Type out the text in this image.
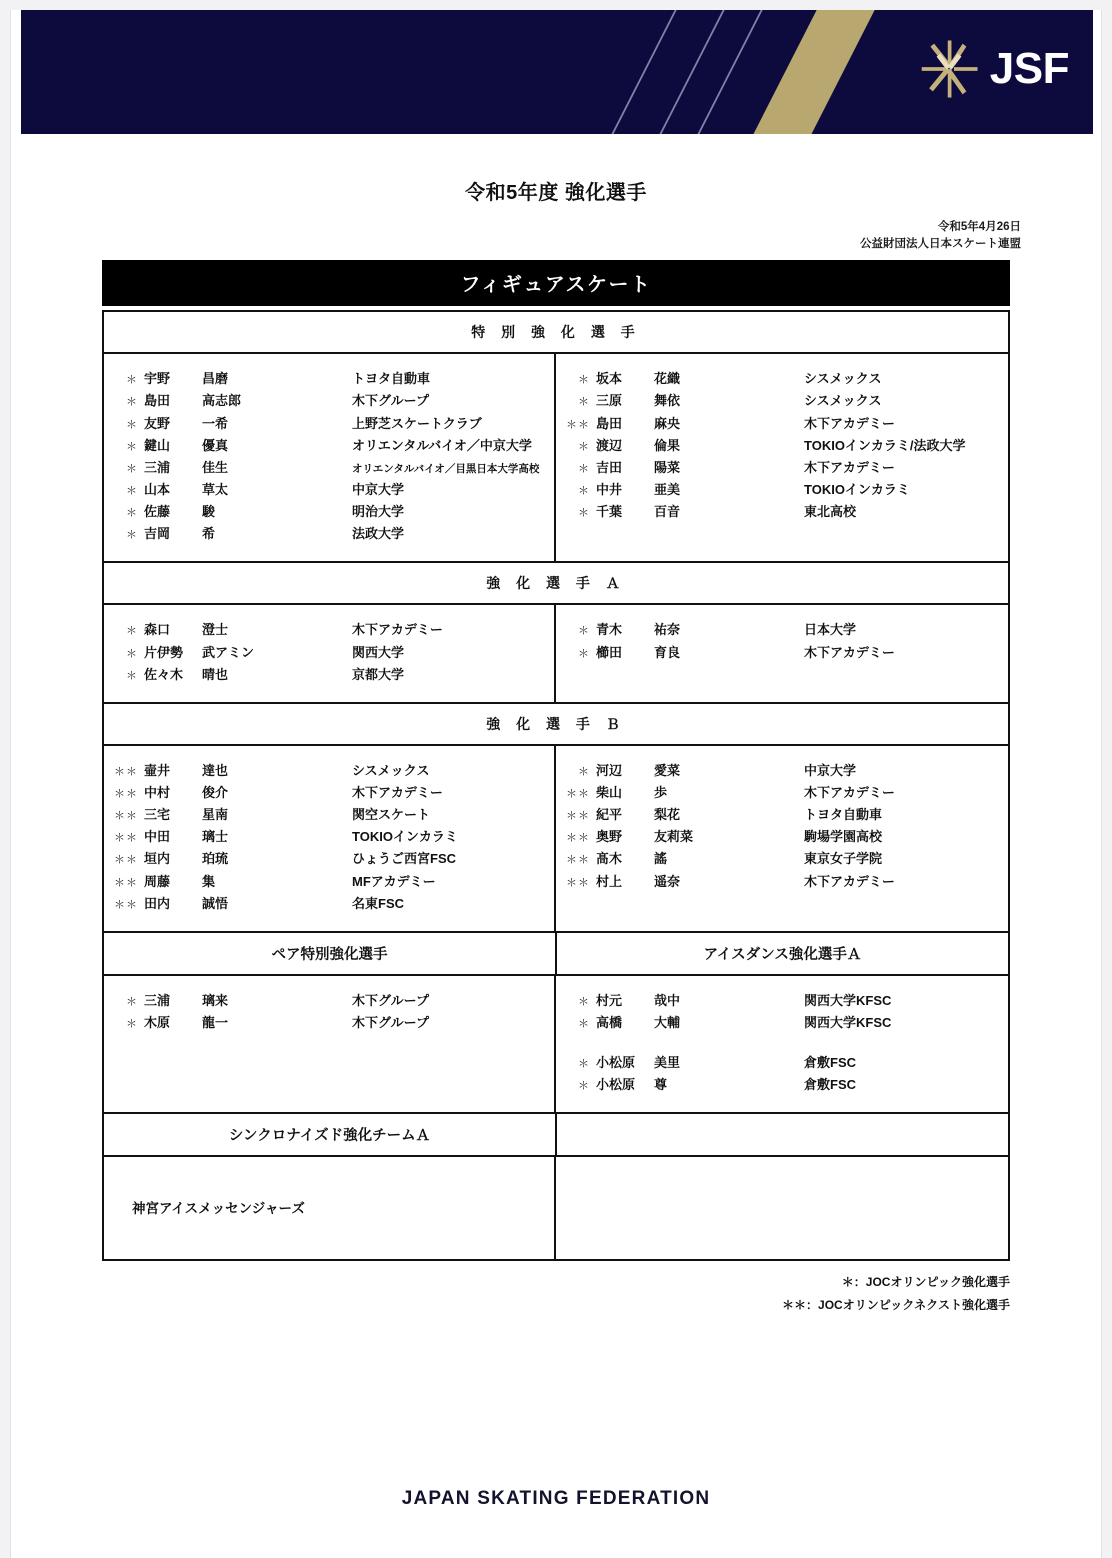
JSF
令和5年度 強化選手
令和5年4月26日
公益財団法人日本スケート連盟
フィギュアスケート
特 別 強 化 選 手
＊ 宇野	昌磨	トヨタ自動車
＊ 島田	高志郎	木下グループ
＊ 友野	一希	上野芝スケートクラブ
＊ 鍵山	優真	オリエンタルバイオ／中京大学
＊ 三浦	佳生	オリエンタルバイオ／目黒日本大学高校
＊ 山本	草太	中京大学
＊ 佐藤	駿	明治大学
＊ 吉岡	希	法政大学
＊ 坂本	花織	シスメックス
＊ 三原	舞依	シスメックス
＊＊ 島田	麻央	木下アカデミー
＊ 渡辺	倫果	TOKIOインカラミ/法政大学
＊ 吉田	陽菜	木下アカデミー
＊ 中井	亜美	TOKIOインカラミ
＊ 千葉	百音	東北高校
強 化 選 手 Ａ
＊ 森口	澄士	木下アカデミー
＊ 片伊勢	武アミン	関西大学
＊ 佐々木	晴也	京都大学
＊ 青木	祐奈	日本大学
＊ 櫛田	育良	木下アカデミー
強 化 選 手 Ｂ
＊＊ 壷井	達也	シスメックス
＊＊ 中村	俊介	木下アカデミー
＊＊ 三宅	星南	関空スケート
＊＊ 中田	璃士	TOKIOインカラミ
＊＊ 垣内	珀琉	ひょうご西宮FSC
＊＊ 周藤	集	MFアカデミー
＊＊ 田内	誠悟	名東FSC
＊ 河辺	愛菜	中京大学
＊＊ 柴山	歩	木下アカデミー
＊＊ 紀平	梨花	トヨタ自動車
＊＊ 奥野	友莉菜	駒場学園高校
＊＊ 髙木	謠	東京女子学院
＊＊ 村上	遥奈	木下アカデミー
ペア特別強化選手	アイスダンス強化選手Ａ
＊ 三浦	璃来	木下グループ
＊ 木原	龍一	木下グループ
＊ 村元	哉中	関西大学KFSC
＊ 高橋	大輔	関西大学KFSC
＊ 小松原	美里	倉敷FSC
＊ 小松原	尊	倉敷FSC
シンクロナイズド強化チームＡ
神宮アイスメッセンジャーズ
＊：JOCオリンピック強化選手
＊＊：JOCオリンピックネクスト強化選手
JAPAN SKATING FEDERATION
